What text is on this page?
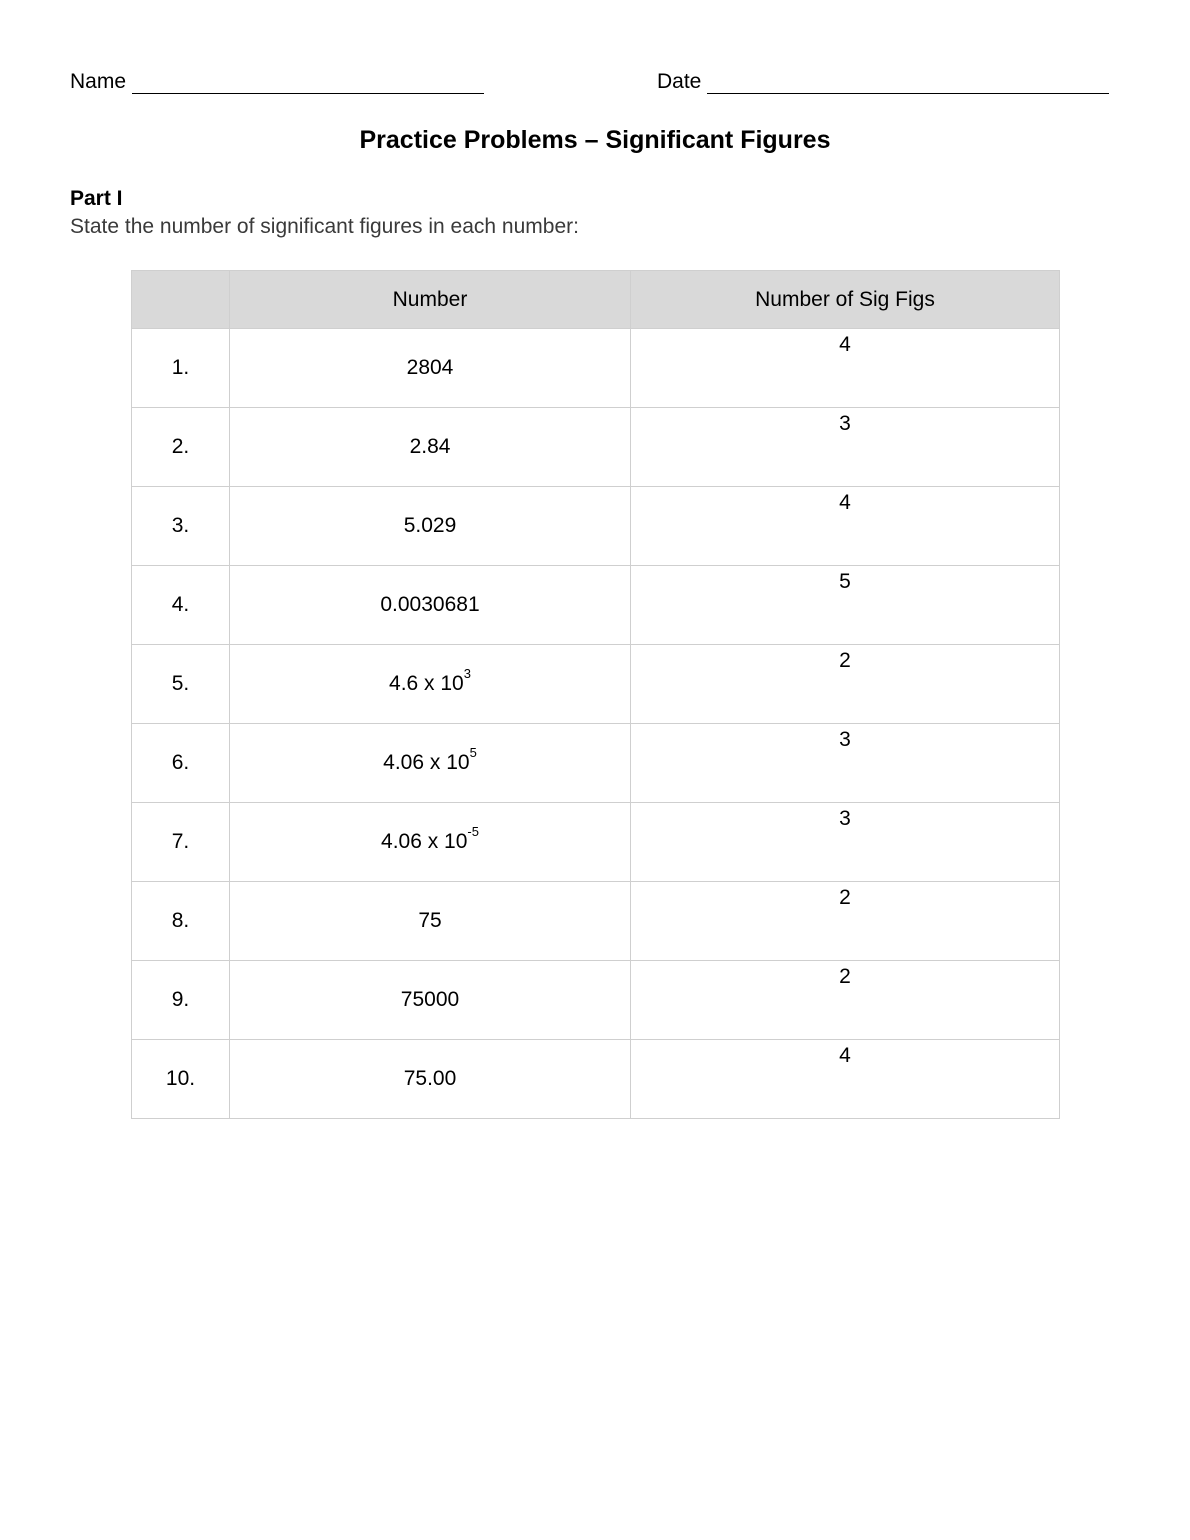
Name	Date
Practice Problems – Significant Figures
Part I
State the number of significant figures in each number:
	Number	Number of Sig Figs
1.	2804	4
2.	2.84	3
3.	5.029	4
4.	0.0030681	5
5.	4.6 x $10^3$	2
6.	4.06 x $10^5$	3
7.	4.06 x $10^{-5}$	3
8.	75	2
9.	75000	2
10.	75.00	4
